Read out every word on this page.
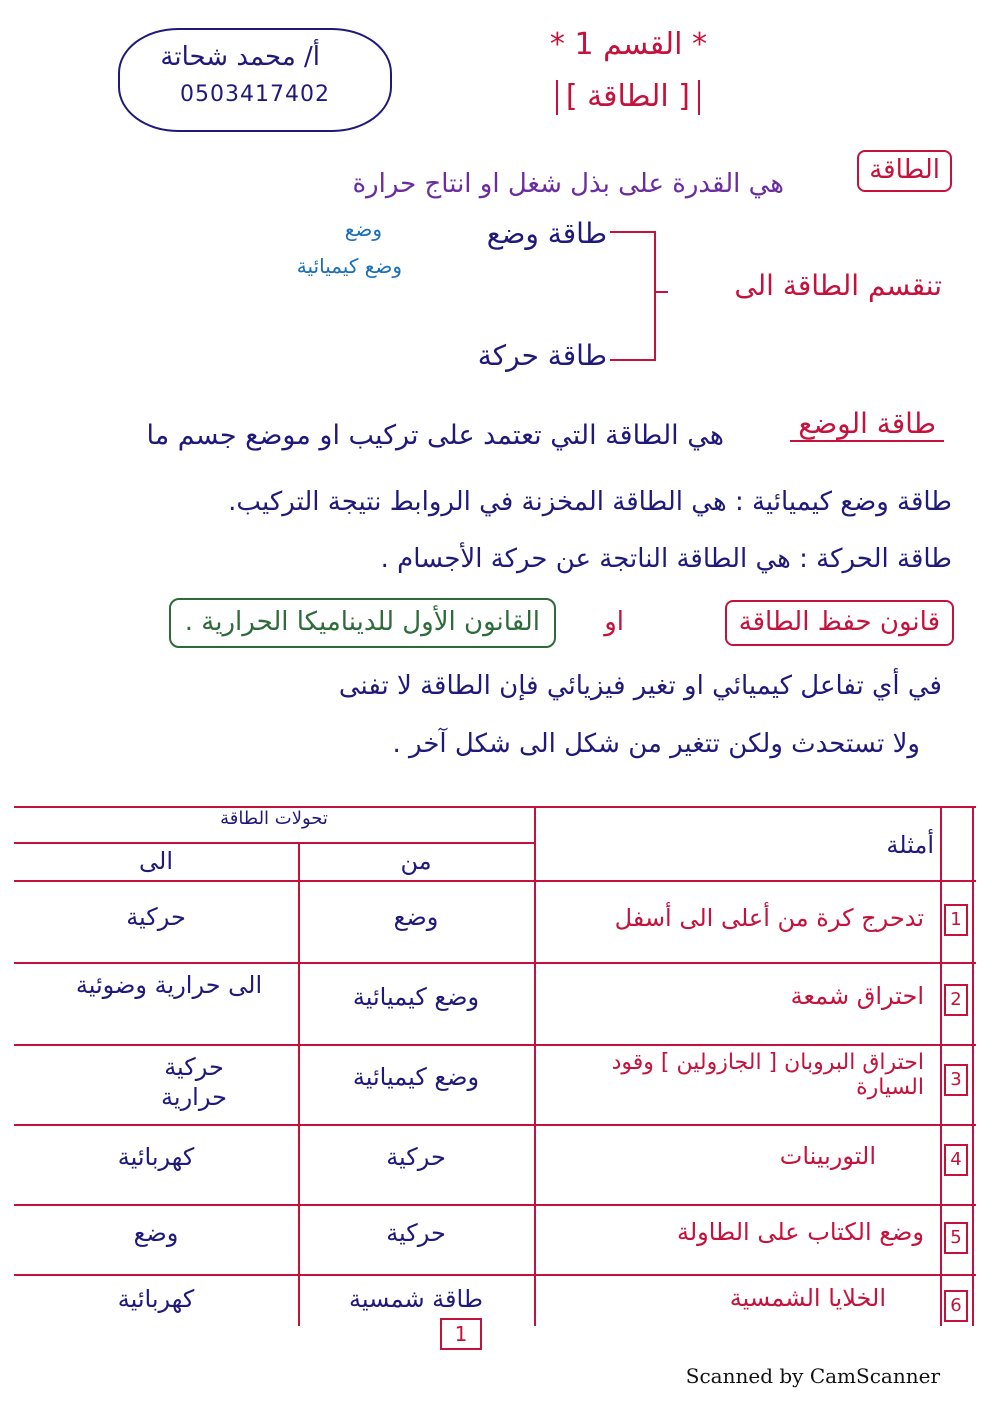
أ/ محمد شحاتة
0503417402
* القسم 1 *
[ الطاقة ]
الطاقة
هي القدرة على بذل شغل او انتاج حرارة
تنقسم الطاقة الى
طاقة وضع
وضع
وضع كيميائية
طاقة حركة
طاقة الوضع
هي الطاقة التي تعتمد على تركيب او موضع جسم ما
طاقة وضع كيميائية : هي الطاقة المخزنة في الروابط نتيجة التركيب.
طاقة الحركة : هي الطاقة الناتجة عن حركة الأجسام .
قانون حفظ الطاقة
او
القانون الأول للديناميكا الحرارية .
في أي تفاعل كيميائي او تغير فيزيائي فإن الطاقة لا تفنى
ولا تستحدث ولكن تتغير من شكل الى شكل آخر .
تحولات الطاقة
الى	من
أمثلة
1
تدحرج كرة من أعلى الى أسفل
وضع
حركية
2
احتراق شمعة
وضع كيميائية
الى حرارية وضوئية
3
احتراق البروبان [ الجازولين ] وقود السيارة
وضع كيميائية
حركية حرارية
4
التوربينات
حركية
كهربائية
5
وضع الكتاب على الطاولة
حركية
وضع
6
الخلايا الشمسية
طاقة شمسية
كهربائية
1
Scanned by CamScanner
